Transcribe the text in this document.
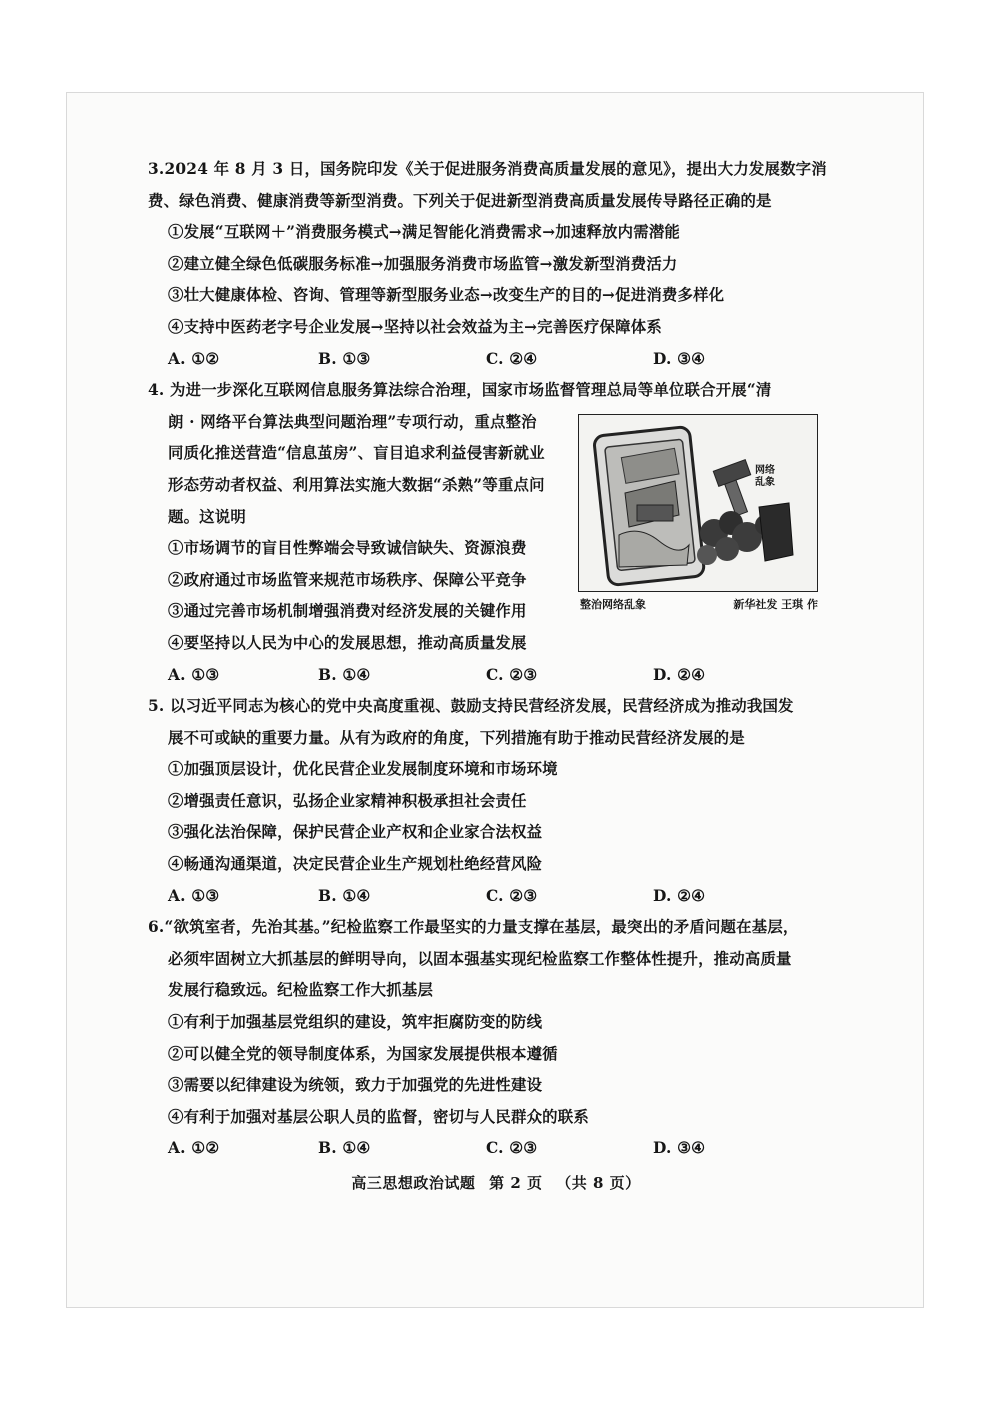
3.2024 年 8 月 3 日，国务院印发《关于促进服务消费高质量发展的意见》，提出大力发展数字消
费、绿色消费、健康消费等新型消费。下列关于促进新型消费高质量发展传导路径正确的是
①发展“互联网＋”消费服务模式→满足智能化消费需求→加速释放内需潜能
②建立健全绿色低碳服务标准→加强服务消费市场监管→激发新型消费活力
③壮大健康体检、咨询、管理等新型服务业态→改变生产的目的→促进消费多样化
④支持中医药老字号企业发展→坚持以社会效益为主→完善医疗保障体系
A. ①②	B. ①③	C. ②④	D. ③④
4. 为进一步深化互联网信息服务算法综合治理，国家市场监督管理总局等单位联合开展“清
朗 · 网络平台算法典型问题治理”专项行动，重点整治
同质化推送营造“信息茧房”、盲目追求利益侵害新就业
形态劳动者权益、利用算法实施大数据“杀熟”等重点问
题。这说明
①市场调节的盲目性弊端会导致诚信缺失、资源浪费
②政府通过市场监管来规范市场秩序、保障公平竞争
③通过完善市场机制增强消费对经济发展的关键作用
④要坚持以人民为中心的发展思想，推动高质量发展
A. ①③	B. ①④	C. ②③	D. ②④
5. 以习近平同志为核心的党中央高度重视、鼓励支持民营经济发展，民营经济成为推动我国发
展不可或缺的重要力量。从有为政府的角度，下列措施有助于推动民营经济发展的是
①加强顶层设计，优化民营企业发展制度环境和市场环境
②增强责任意识，弘扬企业家精神积极承担社会责任
③强化法治保障，保护民营企业产权和企业家合法权益
④畅通沟通渠道，决定民营企业生产规划杜绝经营风险
A. ①③	B. ①④	C. ②③	D. ②④
6.“欲筑室者，先治其基。”纪检监察工作最坚实的力量支撑在基层，最突出的矛盾问题在基层，
必须牢固树立大抓基层的鲜明导向，以固本强基实现纪检监察工作整体性提升，推动高质量
发展行稳致远。纪检监察工作大抓基层
①有利于加强基层党组织的建设，筑牢拒腐防变的防线
②可以健全党的领导制度体系，为国家发展提供根本遵循
③需要以纪律建设为统领，致力于加强党的先进性建设
④有利于加强对基层公职人员的监督，密切与人民群众的联系
A. ①②	B. ①④	C. ②③	D. ③④
网络乱象
整治网络乱象	新华社发 王琪 作
高三思想政治试题 第 2 页 （共 8 页）
